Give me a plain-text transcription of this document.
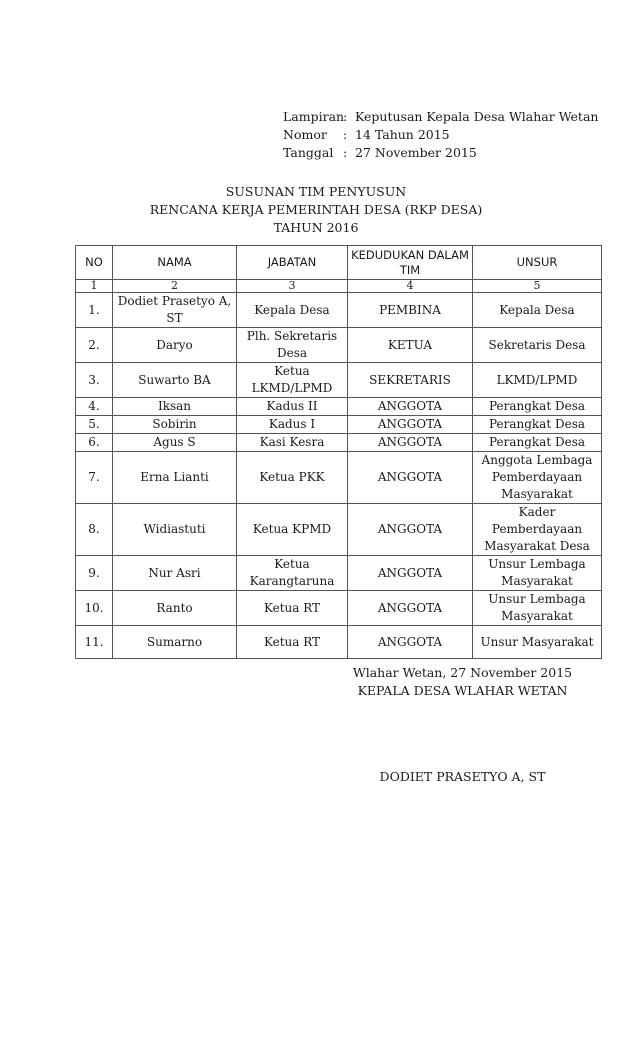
Lampiran
: Keputusan Kepala Desa Wlahar Wetan
Nomor	: 14 Tahun 2015
Tanggal : 27 November 2015
SUSUNAN TIM PENYUSUN
RENCANA KERJA PEMERINTAH DESA (RKP DESA)
TAHUN 2016
NO	NAMA	JABATAN	KEDUDUKAN DALAM TIM	UNSUR
1	2	3	4	5
1.	Dodiet Prasetyo A, ST	Kepala Desa	PEMBINA	Kepala Desa
2.	Daryo	Plh. Sekretaris Desa	KETUA	Sekretaris Desa
3.	Suwarto BA	Ketua LKMD/LPMD	SEKRETARIS	LKMD/LPMD
4.	Iksan	Kadus II	ANGGOTA	Perangkat Desa
5.	Sobirin	Kadus I	ANGGOTA	Perangkat Desa
6.	Agus S	Kasi Kesra	ANGGOTA	Perangkat Desa
7.	Erna Lianti	Ketua PKK	ANGGOTA	Anggota Lembaga Pemberdayaan Masyarakat
8.	Widiastuti	Ketua KPMD	ANGGOTA	Kader Pemberdayaan Masyarakat Desa
9.	Nur Asri	Ketua Karangtaruna	ANGGOTA	Unsur Lembaga Masyarakat
10.	Ranto	Ketua RT	ANGGOTA	Unsur Lembaga Masyarakat
11.	Sumarno	Ketua RT	ANGGOTA	Unsur Masyarakat
Wlahar Wetan, 27 November 2015
KEPALA DESA WLAHAR WETAN
DODIET PRASETYO A, ST
